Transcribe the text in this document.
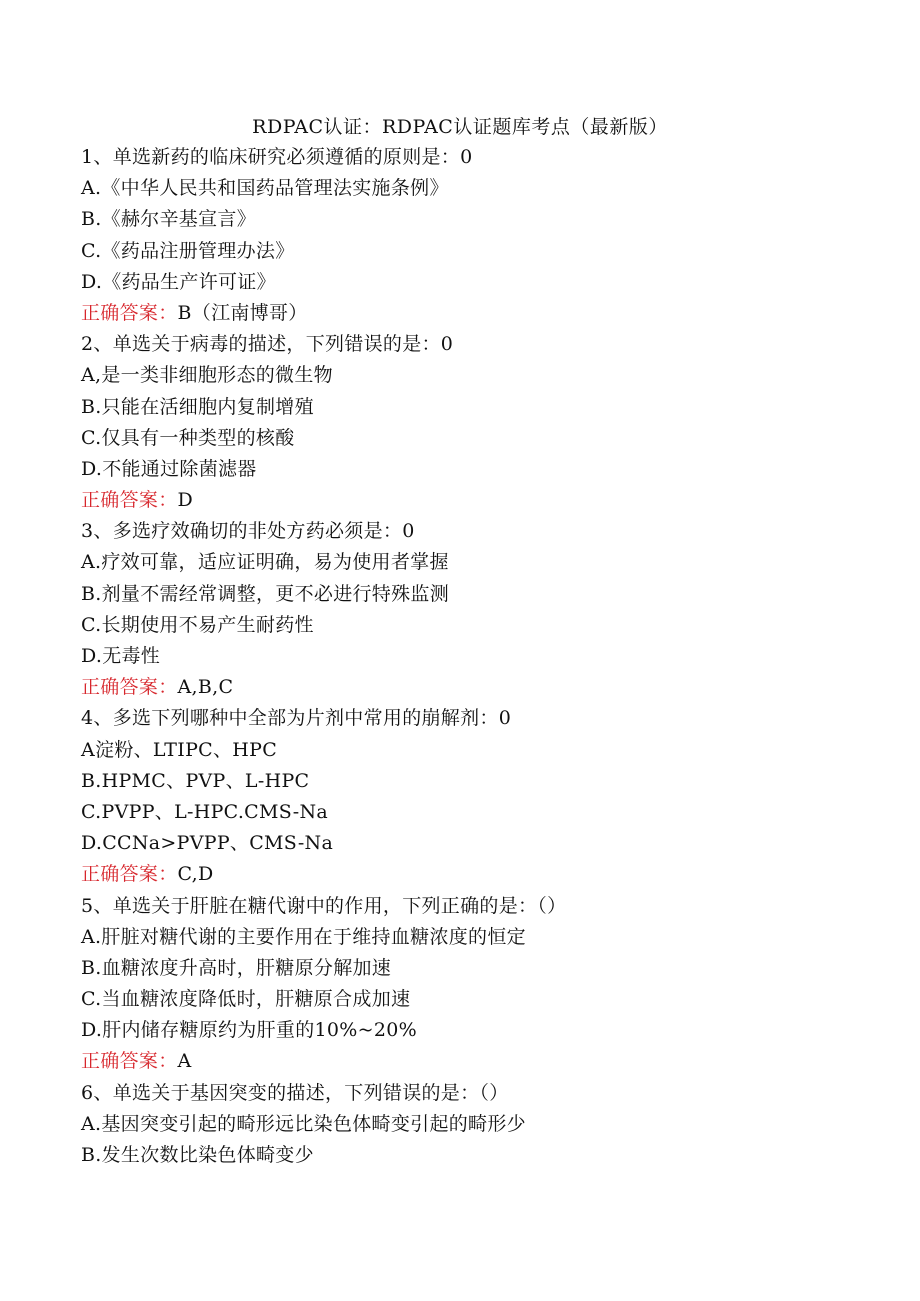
RDPAC认证：RDPAC认证题库考点（最新版）
1、单选新药的临床研究必须遵循的原则是：0
A.《中华人民共和国药品管理法实施条例》
B.《赫尔辛基宣言》
C.《药品注册管理办法》
D.《药品生产许可证》
正确答案：B（江南博哥）
2、单选关于病毒的描述，下列错误的是：0
A,是一类非细胞形态的微生物
B.只能在活细胞内复制增殖
C.仅具有一种类型的核酸
D.不能通过除菌滤器
正确答案：D
3、多选疗效确切的非处方药必须是：0
A.疗效可靠，适应证明确，易为使用者掌握
B.剂量不需经常调整，更不必进行特殊监测
C.长期使用不易产生耐药性
D.无毒性
正确答案：A,B,C
4、多选下列哪种中全部为片剂中常用的崩解剂：0
A淀粉、LTIPC、HPC
B.HPMC、PVP、L-HPC
C.PVPP、L-HPC.CMS-Na
D.CCNa>PVPP、CMS-Na
正确答案：C,D
5、单选关于肝脏在糖代谢中的作用，下列正确的是：（）
A.肝脏对糖代谢的主要作用在于维持血糖浓度的恒定
B.血糖浓度升高时，肝糖原分解加速
C.当血糖浓度降低时，肝糖原合成加速
D.肝内储存糖原约为肝重的10%~20%
正确答案：A
6、单选关于基因突变的描述，下列错误的是：（）
A.基因突变引起的畸形远比染色体畸变引起的畸形少
B.发生次数比染色体畸变少
